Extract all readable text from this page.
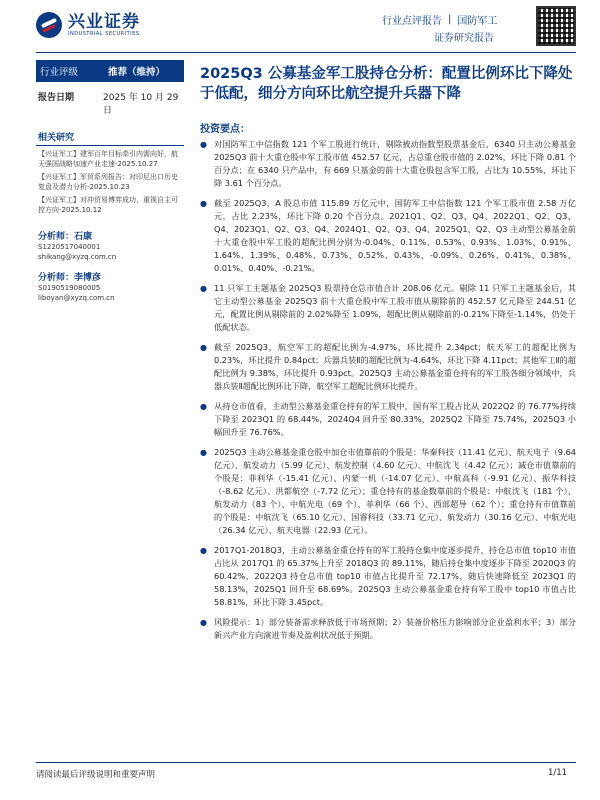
兴业证券
INDUSTRIAL SECURITIES
行业点评报告 | 国防军工
证券研究报告
行业评级	推荐（维持）
报告日期	2025 年 10 月 29 日
相关研究
【兴证军工】建军百年目标牵引内需向好，航天强国战略加速产业走速-2025.10.27
【兴证军工】军贸系列报告：对印尼出口历史复盘及潜力分析-2025.10.23
【兴证军工】对冲贸易博弈成功，重视自主可控方向-2025.10.12
分析师：石康
S1220517040001
shikang@xyzq.com.cn
分析师：李博彦
S0190519080005
liboyan@xyzq.com.cn
2025Q3 公募基金军工股持仓分析：配置比例环比下降处于低配，细分方向环比航空提升兵器下降
投资要点：
● 对国防军工中信指数 121 个军工股进行统计，剔除被动指数型股票基金后，6340 只主动公募基金 2025Q3 前十大重仓股中军工股市值 452.57 亿元，占总重仓股市值的 2.02%，环比下降 0.81 个百分点；在 6340 只产品中，有 669 只基金的前十大重仓股包含军工股，占比为 10.55%，环比下降 3.61 个百分点。
● 截至 2025Q3，A 股总市值 115.89 万亿元中，国防军工中信指数 121 个军工股市值 2.58 万亿元，占比 2.23%，环比下降 0.20 个百分点。2021Q1、Q2、Q3、Q4、2022Q1、Q2、Q3、Q4、2023Q1、Q2、Q3、Q4、2024Q1、Q2、Q3、Q4、2025Q1、Q2、Q3 主动型公募基金前十大重仓股中军工股的超配比例分别为-0.04%、0.11%、0.53%、0.93%、1.03%、0.91%、1.64%、1.39%、0.48%、0.73%、0.52%、0.43%、-0.09%、0.26%、0.41%、0.38%、0.01%、0.40%、-0.21%。
● 11 只军工主题基金 2025Q3 股票持仓总市值合计 208.06 亿元。剔除 11 只军工主题基金后，其它主动型公募基金 2025Q3 前十大重仓股中军工股市值从剔除前的 452.57 亿元降至 244.51 亿元，配置比例从剔除前的 2.02%降至 1.09%，超配比例从剔除前的-0.21%下降至-1.14%，仍处于低配状态。
● 截至 2025Q3，航空军工的超配比例为-4.97%，环比提升 2.34pct；航天军工的超配比例为 0.23%，环比提升 0.84pct；兵器兵装Ⅱ的超配比例为-4.64%，环比下降 4.11pct；其他军工Ⅱ的超配比例为 9.38%，环比提升 0.93pct。2025Q3 主动公募基金重仓持有的军工股各细分领域中，兵器兵装Ⅱ超配比例环比下降，航空军工超配比例环比提升。
● 从持仓市值看，主动型公募基金重仓持有的军工股中，国有军工股占比从 2022Q2 的 76.77%持续下降至 2023Q1 的 68.44%，2024Q4 回升至 80.33%，2025Q2 下降至 75.74%，2025Q3 小幅回升至 76.76%。
● 2025Q3 主动公募基金重仓股中加仓市值靠前的个股是：华秦科技（11.41 亿元）、航天电子（9.64 亿元）、航发动力（5.99 亿元）、航发控制（4.60 亿元）、中航沈飞（4.42 亿元）；减仓市值靠前的个股是：菲利华（-15.41 亿元）、内蒙一机（-14.07 亿元）、中航高科（-9.91 亿元）、振华科技（-8.62 亿元）、洪都航空（-7.72 亿元）；重仓持有的基金数靠前的个股是：中航沈飞（181 个）、航发动力（83 个）、中航光电（69 个）、菲利华（66 个）、西部超导（62 个）；重仓持有市值靠前的个股是：中航沈飞（65.10 亿元）、国睿科技（33.71 亿元）、航发动力（30.16 亿元）、中航光电（26.34 亿元）、航天电器（22.93 亿元）。
● 2017Q1-2018Q3，主动公募基金重仓持有的军工股持仓集中度逐步提升，持仓总市值 top10 市值占比从 2017Q1 的 65.37%上升至 2018Q3 的 89.11%，随后持仓集中度逐步下降至 2020Q3 的 60.42%，2022Q3 持仓总市值 top10 市值占比提升至 72.17%，随后快速降低至 2023Q1 的 58.13%，2025Q1 回升至 68.69%。2025Q3 主动公募基金重仓持有军工股中 top10 市值占比 58.81%，环比下降 3.45pct。
● 风险提示：1）部分装备需求释放低于市场预期；2）装备价格压力影响部分企业盈利水平；3）部分新兴产业方向演进节奏及盈利状况低于预期。
请阅读最后评级说明和重要声明	1/11
